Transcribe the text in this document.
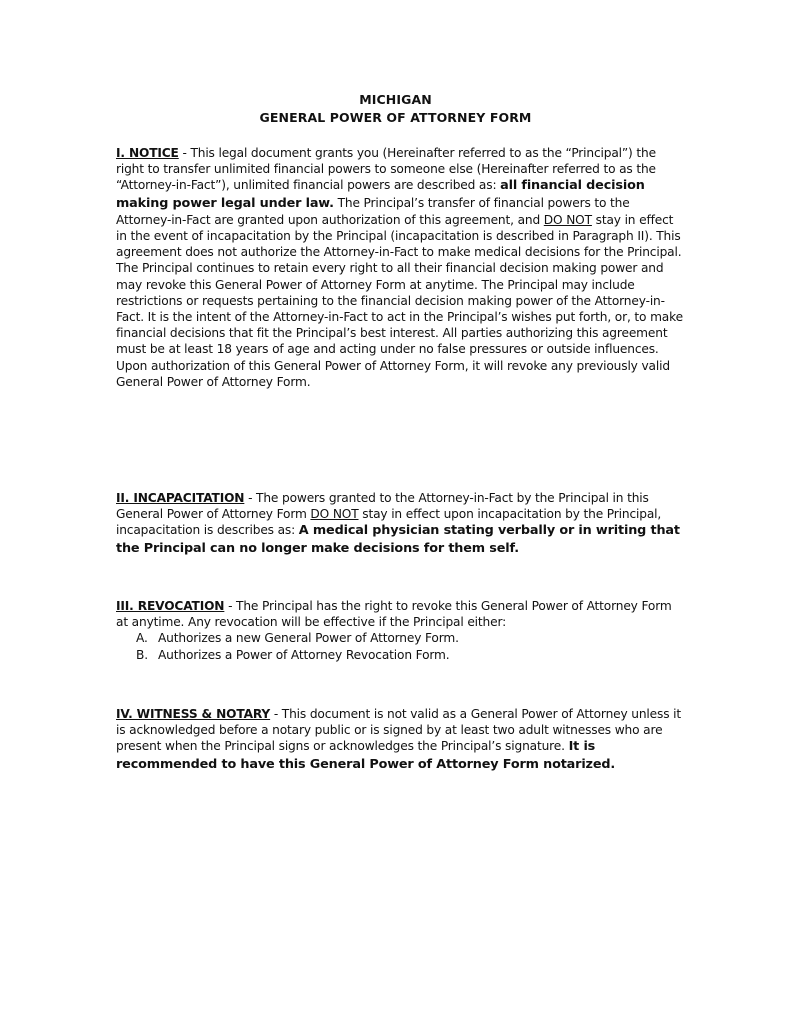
MICHIGAN

GENERAL POWER OF ATTORNEY FORM

I. NOTICE - This legal document grants you (Hereinafter referred to as the “Principal”) the right to transfer unlimited financial powers to someone else (Hereinafter referred to as the “Attorney-in-Fact”), unlimited financial powers are described as: all financial decision making power legal under law. The Principal’s transfer of financial powers to the Attorney-in-Fact are granted upon authorization of this agreement, and DO NOT stay in effect in the event of incapacitation by the Principal (incapacitation is described in Paragraph II). This agreement does not authorize the Attorney-in-Fact to make medical decisions for the Principal. The Principal continues to retain every right to all their financial decision making power and may revoke this General Power of Attorney Form at anytime. The Principal may include restrictions or requests pertaining to the financial decision making power of the Attorney-in-Fact. It is the intent of the Attorney-in-Fact to act in the Principal’s wishes put forth, or, to make financial decisions that fit the Principal’s best interest. All parties authorizing this agreement must be at least 18 years of age and acting under no false pressures or outside influences. Upon authorization of this General Power of Attorney Form, it will revoke any previously valid General Power of Attorney Form.

II. INCAPACITATION - The powers granted to the Attorney-in-Fact by the Principal in this General Power of Attorney Form DO NOT stay in effect upon incapacitation by the Principal, incapacitation is describes as: A medical physician stating verbally or in writing that the Principal can no longer make decisions for them self.

III. REVOCATION - The Principal has the right to revoke this General Power of Attorney Form at anytime. Any revocation will be effective if the Principal either:
A. Authorizes a new General Power of Attorney Form.
B. Authorizes a Power of Attorney Revocation Form.

IV. WITNESS & NOTARY - This document is not valid as a General Power of Attorney unless it is acknowledged before a notary public or is signed by at least two adult witnesses who are present when the Principal signs or acknowledges the Principal’s signature. It is recommended to have this General Power of Attorney Form notarized.
